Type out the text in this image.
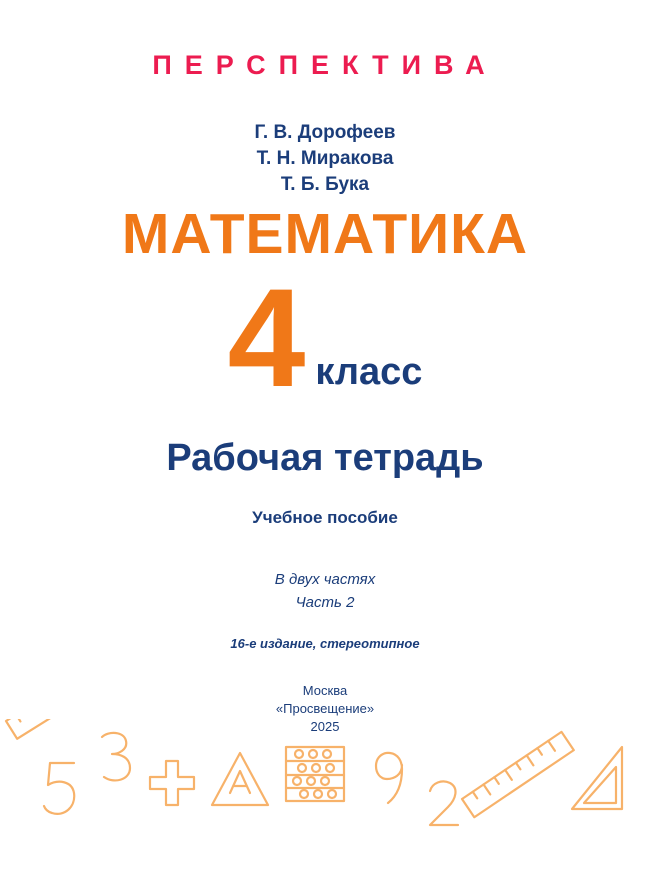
ПЕРСПЕКТИВА
Г. В. Дорофеев
Т. Н. Миракова
Т. Б. Бука
МАТЕМАТИКА
4 класс
Рабочая тетрадь
Учебное пособие
В двух частях
Часть 2
16-е издание, стереотипное
Москва
«Просвещение»
2025
